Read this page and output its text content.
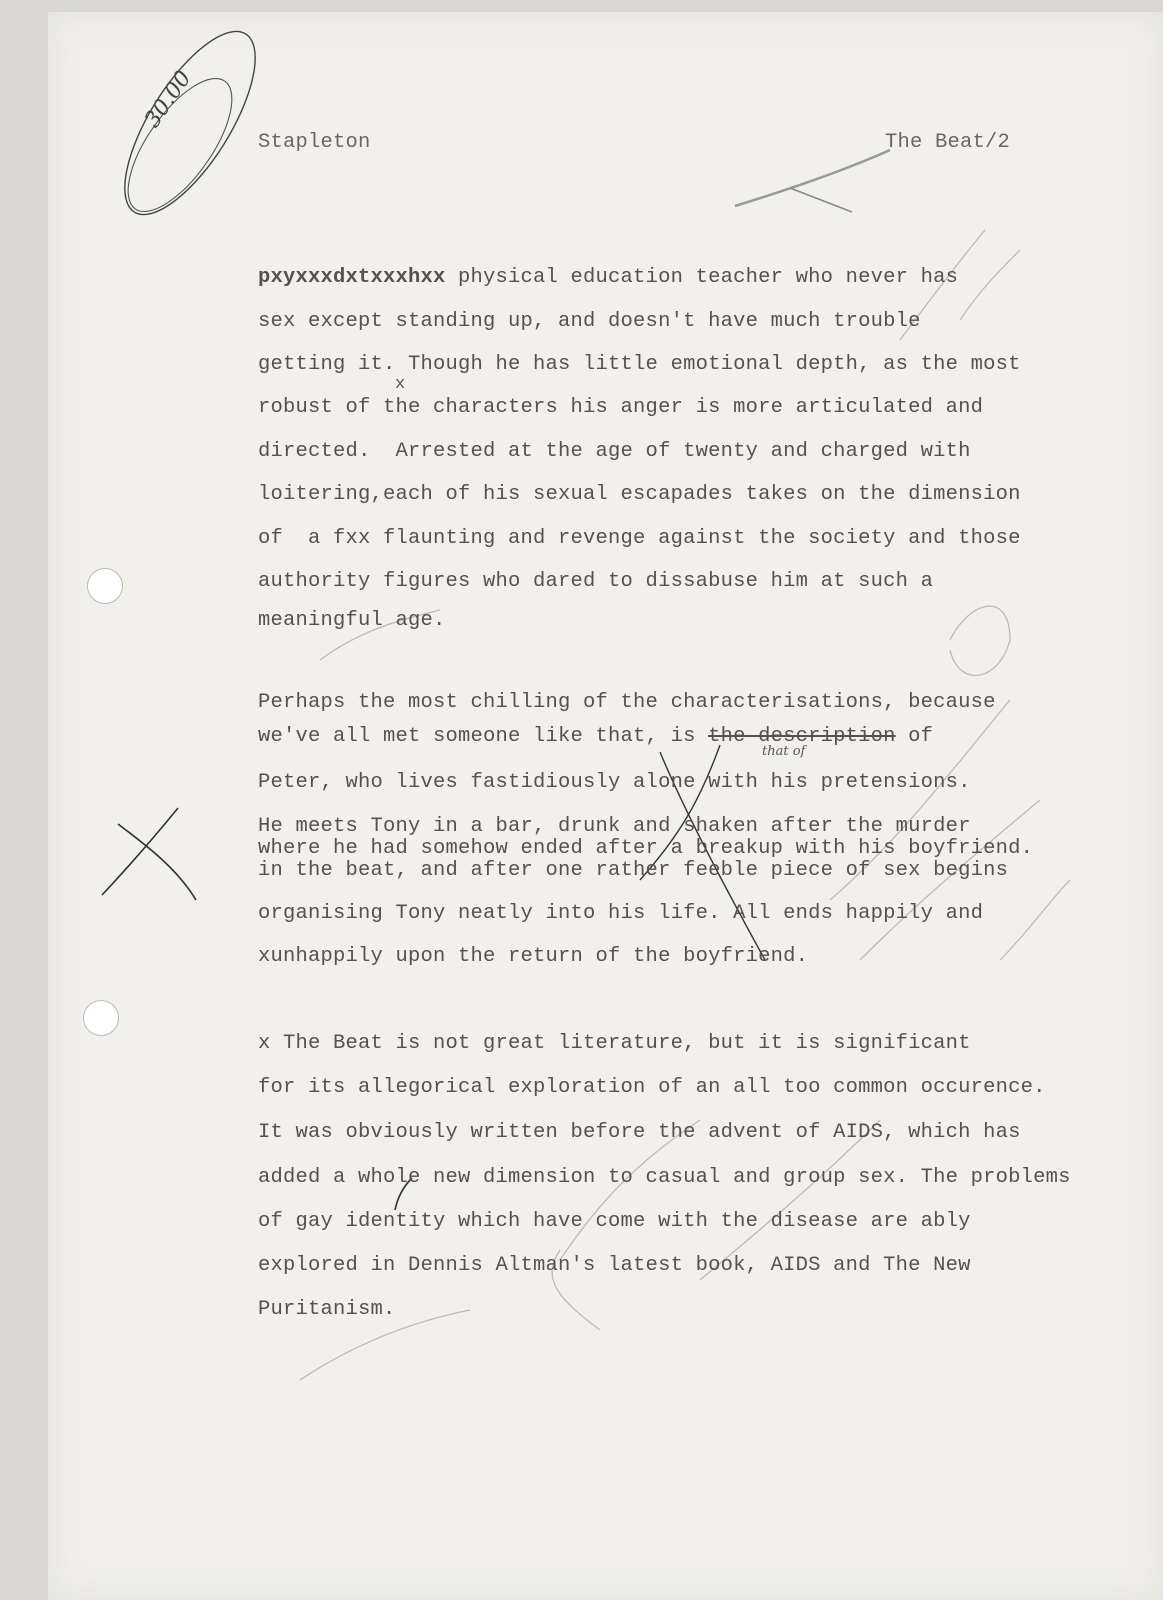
30.00
Stapleton	The Beat/2
pxyxxxdxtxxxhxx physical education teacher who never has
sex except standing up, and doesn't have much trouble
getting it. Though he has little emotional depth, as the most
x
robust of the characters his anger is more articulated and
directed.  Arrested at the age of twenty and charged with
loitering,each of his sexual escapades takes on the dimension
of  a fxx flaunting and revenge against the society and those
authority figures who dared to dissabuse him at such a
meaningful age.
Perhaps the most chilling of the characterisations, because
we've all met someone like that, is the description of
that of
Peter, who lives fastidiously alone with his pretensions.
He meets Tony in a bar, drunk and shaken after the murder
where he had somehow ended after a breakup with his boyfriend.
in the beat, and after one rather feeble piece of sex begins
organising Tony neatly into his life. All ends happily and
xunhappily upon the return of the boyfriend.
x The Beat is not great literature, but it is significant
for its allegorical exploration of an all too common occurence.
It was obviously written before the advent of AIDS, which has
added a whole new dimension to casual and group sex. The problems
of gay identity which have come with the disease are ably
explored in Dennis Altman's latest book, AIDS and The New
Puritanism.
